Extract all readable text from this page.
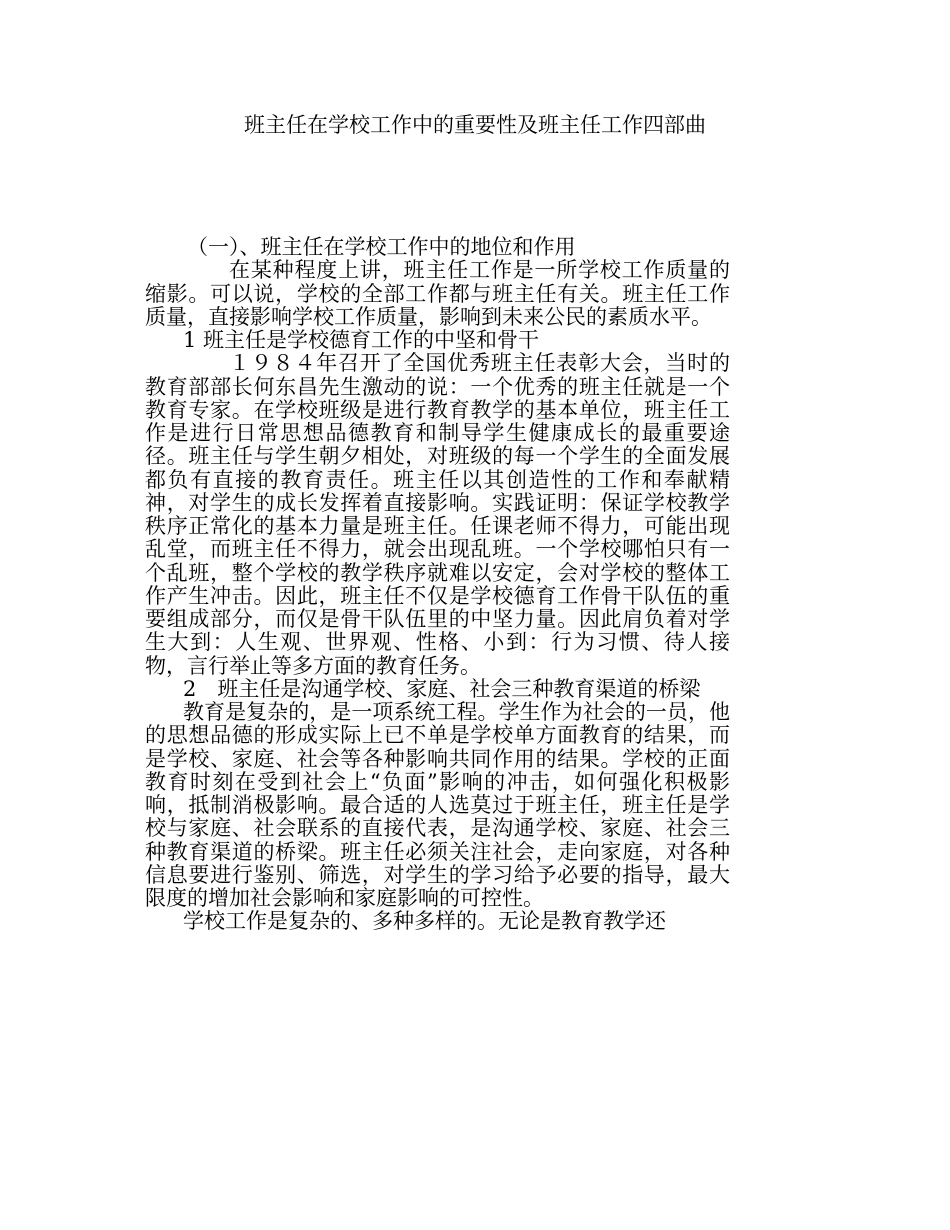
班主任在学校工作中的重要性及班主任工作四部曲

（一）、班主任在学校工作中的地位和作用

在某种程度上讲，班主任工作是一所学校工作质量的缩影。可以说，学校的全部工作都与班主任有关。班主任工作质量，直接影响学校工作质量，影响到未来公民的素质水平。

1 班主任是学校德育工作的中坚和骨干

１９８４年召开了全国优秀班主任表彰大会，当时的教育部部长何东昌先生激动的说：一个优秀的班主任就是一个教育专家。在学校班级是进行教育教学的基本单位，班主任工作是进行日常思想品德教育和制导学生健康成长的最重要途径。班主任与学生朝夕相处，对班级的每一个学生的全面发展都负有直接的教育责任。班主任以其创造性的工作和奉献精神，对学生的成长发挥着直接影响。实践证明：保证学校教学秩序正常化的基本力量是班主任。任课老师不得力，可能出现乱堂，而班主任不得力，就会出现乱班。一个学校哪怕只有一个乱班，整个学校的教学秩序就难以安定，会对学校的整体工作产生冲击。因此，班主任不仅是学校德育工作骨干队伍的重要组成部分，而仅是骨干队伍里的中坚力量。因此肩负着对学生大到：人生观、世界观、性格、小到：行为习惯、待人接物，言行举止等多方面的教育任务。

2　班主任是沟通学校、家庭、社会三种教育渠道的桥梁

教育是复杂的，是一项系统工程。学生作为社会的一员，他的思想品德的形成实际上已不单是学校单方面教育的结果，而是学校、家庭、社会等各种影响共同作用的结果。学校的正面教育时刻在受到社会上“负面”影响的冲击，如何强化积极影响，抵制消极影响。最合适的人选莫过于班主任，班主任是学校与家庭、社会联系的直接代表，是沟通学校、家庭、社会三种教育渠道的桥梁。班主任必须关注社会，走向家庭，对各种信息要进行鉴别、筛选，对学生的学习给予必要的指导，最大限度的增加社会影响和家庭影响的可控性。

学校工作是复杂的、多种多样的。无论是教育教学还
